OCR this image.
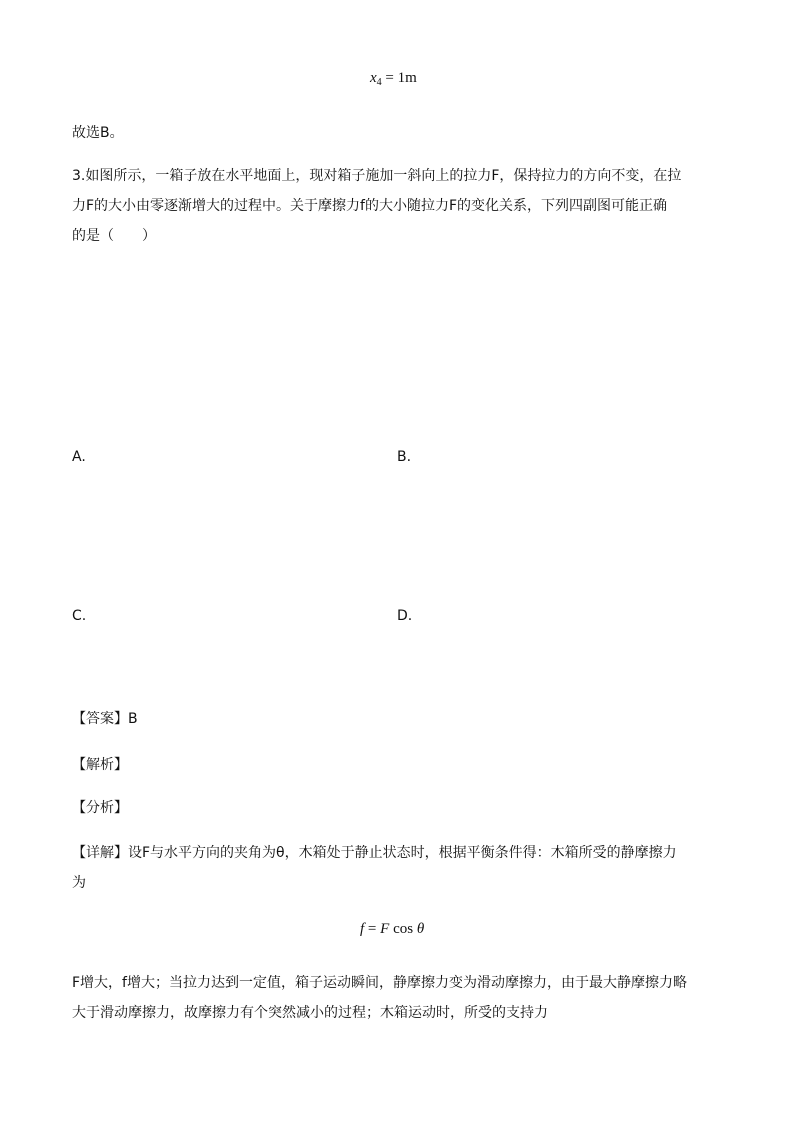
$x_4 = 1m$
故选B。
3.如图所示，一箱子放在水平地面上，现对箱子施加一斜向上的拉力F，保持拉力的方向不变，在拉
力F的大小由零逐渐增大的过程中。关于摩擦力f的大小随拉力F的变化关系，下列四副图可能正确
的是（　　）
A.	B.
C.	D.
【答案】B
【解析】
【分析】
【详解】设F与水平方向的夹角为θ，木箱处于静止状态时，根据平衡条件得：木箱所受的静摩擦力
为
f = F cos θ
F增大，f增大；当拉力达到一定值，箱子运动瞬间，静摩擦力变为滑动摩擦力，由于最大静摩擦力略
大于滑动摩擦力，故摩擦力有个突然减小的过程；木箱运动时，所受的支持力
